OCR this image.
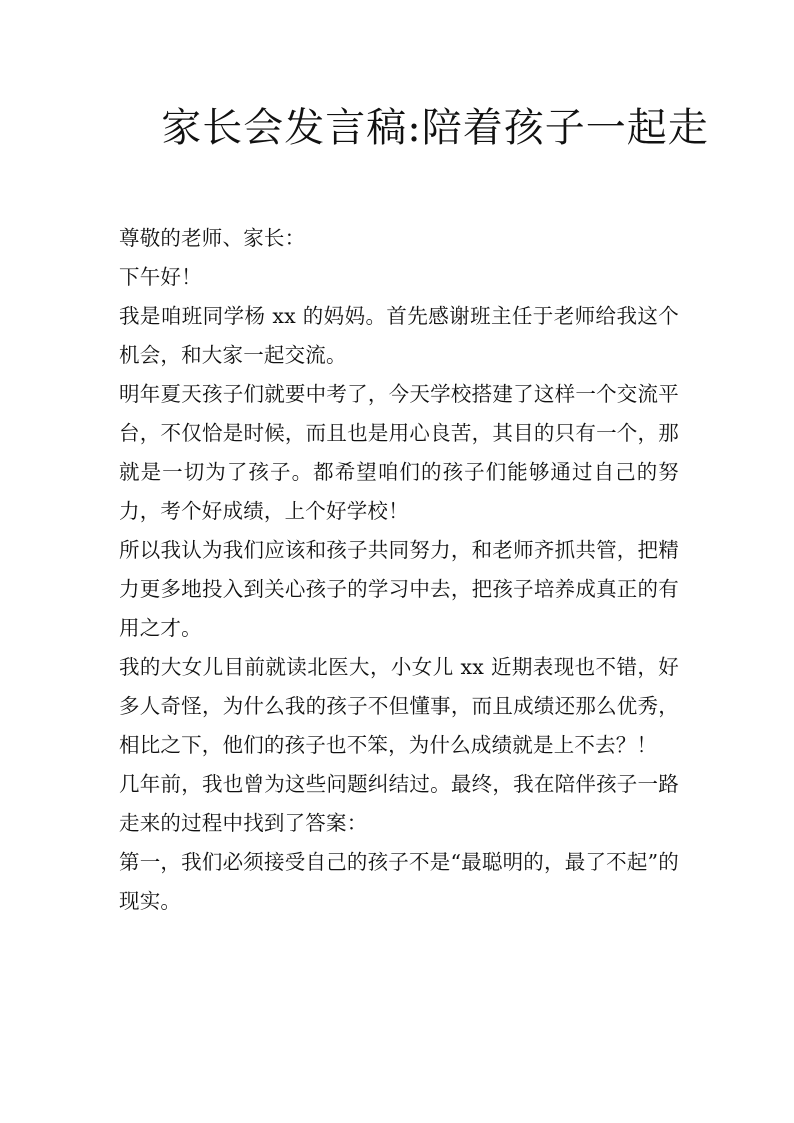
家长会发言稿:陪着孩子一起走

尊敬的老师、家长：

下午好！

我是咱班同学杨 xx 的妈妈。首先感谢班主任于老师给我这个机会，和大家一起交流。

明年夏天孩子们就要中考了，今天学校搭建了这样一个交流平台，不仅恰是时候，而且也是用心良苦，其目的只有一个，那就是一切为了孩子。都希望咱们的孩子们能够通过自己的努力，考个好成绩，上个好学校！

所以我认为我们应该和孩子共同努力，和老师齐抓共管，把精力更多地投入到关心孩子的学习中去，把孩子培养成真正的有用之才。

我的大女儿目前就读北医大，小女儿 xx 近期表现也不错，好多人奇怪，为什么我的孩子不但懂事，而且成绩还那么优秀，相比之下，他们的孩子也不笨，为什么成绩就是上不去？！

几年前，我也曾为这些问题纠结过。最终，我在陪伴孩子一路走来的过程中找到了答案：

第一，我们必须接受自己的孩子不是“最聪明的，最了不起”的现实。
